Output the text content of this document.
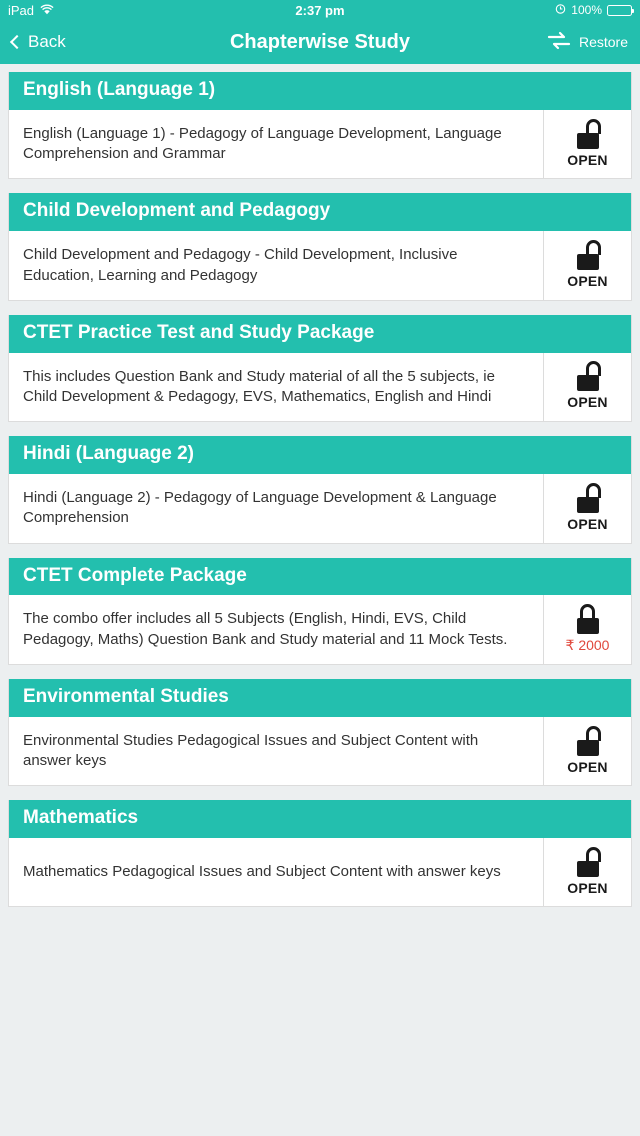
iPad	2:37 pm	100%
Back	Chapterwise Study	Restore
English (Language 1)
English (Language 1) - Pedagogy of Language Development, Language Comprehension and Grammar	OPEN
Child Development and Pedagogy
Child Development and Pedagogy - Child Development, Inclusive Education, Learning and Pedagogy	OPEN
CTET Practice Test and Study Package
This includes Question Bank and Study material of all the 5 subjects, ie Child Development & Pedagogy, EVS, Mathematics, English and Hindi	OPEN
Hindi (Language 2)
Hindi (Language 2) - Pedagogy of Language Development & Language Comprehension	OPEN
CTET Complete Package
The combo offer includes all 5 Subjects (English, Hindi, EVS, Child Pedagogy, Maths) Question Bank and Study material and 11 Mock Tests.	₹ 2000
Environmental Studies
Environmental Studies Pedagogical Issues and Subject Content with answer keys	OPEN
Mathematics
Mathematics Pedagogical Issues and Subject Content with answer keys
OPEN
